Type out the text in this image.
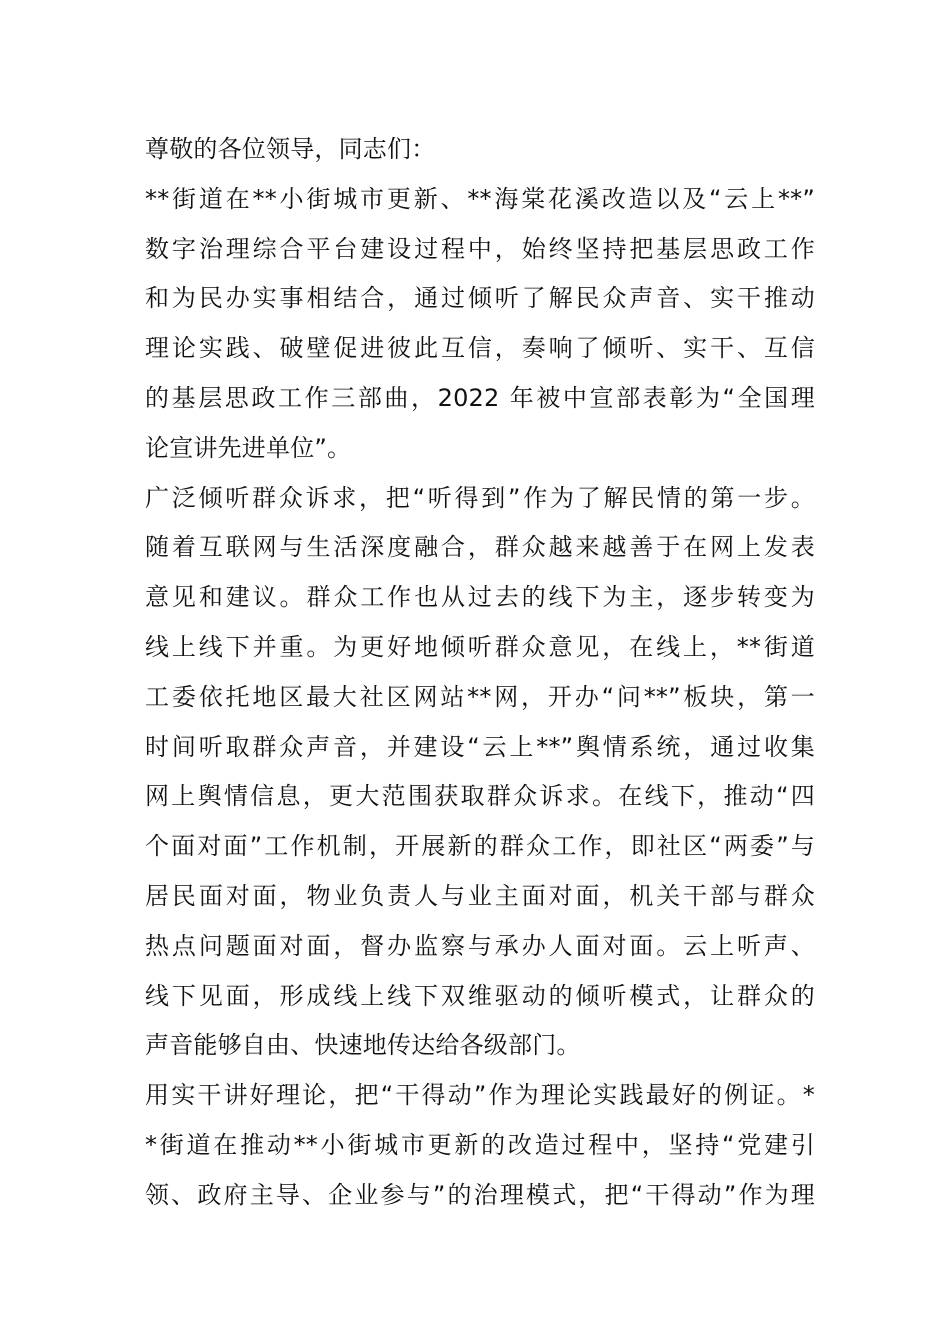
尊敬的各位领导，同志们：
**街道在**小街城市更新、**海棠花溪改造以及“云上**”
数字治理综合平台建设过程中，始终坚持把基层思政工作
和为民办实事相结合，通过倾听了解民众声音、实干推动
理论实践、破壁促进彼此互信，奏响了倾听、实干、互信
的基层思政工作三部曲，2022 年被中宣部表彰为“全国理
论宣讲先进单位”。
广泛倾听群众诉求，把“听得到”作为了解民情的第一步。
随着互联网与生活深度融合，群众越来越善于在网上发表
意见和建议。群众工作也从过去的线下为主，逐步转变为
线上线下并重。为更好地倾听群众意见，在线上，**街道
工委依托地区最大社区网站**网，开办“问**”板块，第一
时间听取群众声音，并建设“云上**”舆情系统，通过收集
网上舆情信息，更大范围获取群众诉求。在线下，推动“四
个面对面”工作机制，开展新的群众工作，即社区“两委”与
居民面对面，物业负责人与业主面对面，机关干部与群众
热点问题面对面，督办监察与承办人面对面。云上听声、
线下见面，形成线上线下双维驱动的倾听模式，让群众的
声音能够自由、快速地传达给各级部门。
用实干讲好理论，把“干得动”作为理论实践最好的例证。*
*街道在推动**小街城市更新的改造过程中，坚持“党建引
领、政府主导、企业参与”的治理模式，把“干得动”作为理
